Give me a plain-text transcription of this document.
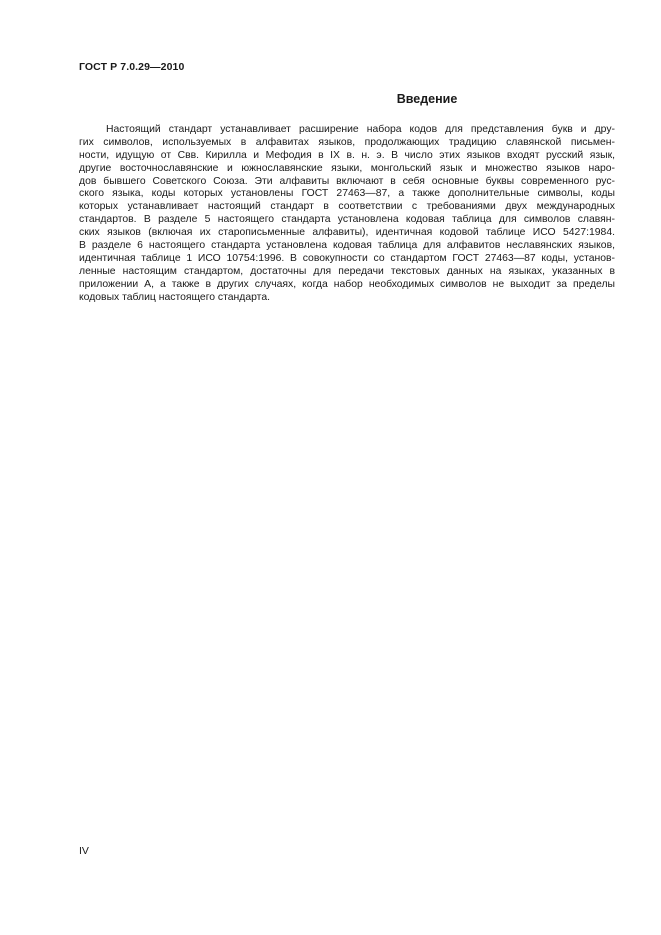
ГОСТ Р 7.0.29—2010
Введение
Настоящий стандарт устанавливает расширение набора кодов для представления букв и дру-
гих символов, используемых в алфавитах языков, продолжающих традицию славянской письмен-
ности, идущую от Свв. Кирилла и Мефодия в IX в. н. э. В число этих языков входят русский язык,
другие восточнославянские и южнославянские языки, монгольский язык и множество языков наро-
дов бывшего Советского Союза. Эти алфавиты включают в себя основные буквы современного рус-
ского языка, коды которых установлены ГОСТ 27463—87, а также дополнительные символы, коды
которых устанавливает настоящий стандарт в соответствии с требованиями двух международных
стандартов. В разделе 5 настоящего стандарта установлена кодовая таблица для символов славян-
ских языков (включая их старописьменные алфавиты), идентичная кодовой таблице ИСО 5427:1984.
В разделе 6 настоящего стандарта установлена кодовая таблица для алфавитов неславянских языков,
идентичная таблице 1 ИСО 10754:1996. В совокупности со стандартом ГОСТ 27463—87 коды, установ-
ленные настоящим стандартом, достаточны для передачи текстовых данных на языках, указанных в
приложении А, а также в других случаях, когда набор необходимых символов не выходит за пределы
кодовых таблиц настоящего стандарта.
IV
